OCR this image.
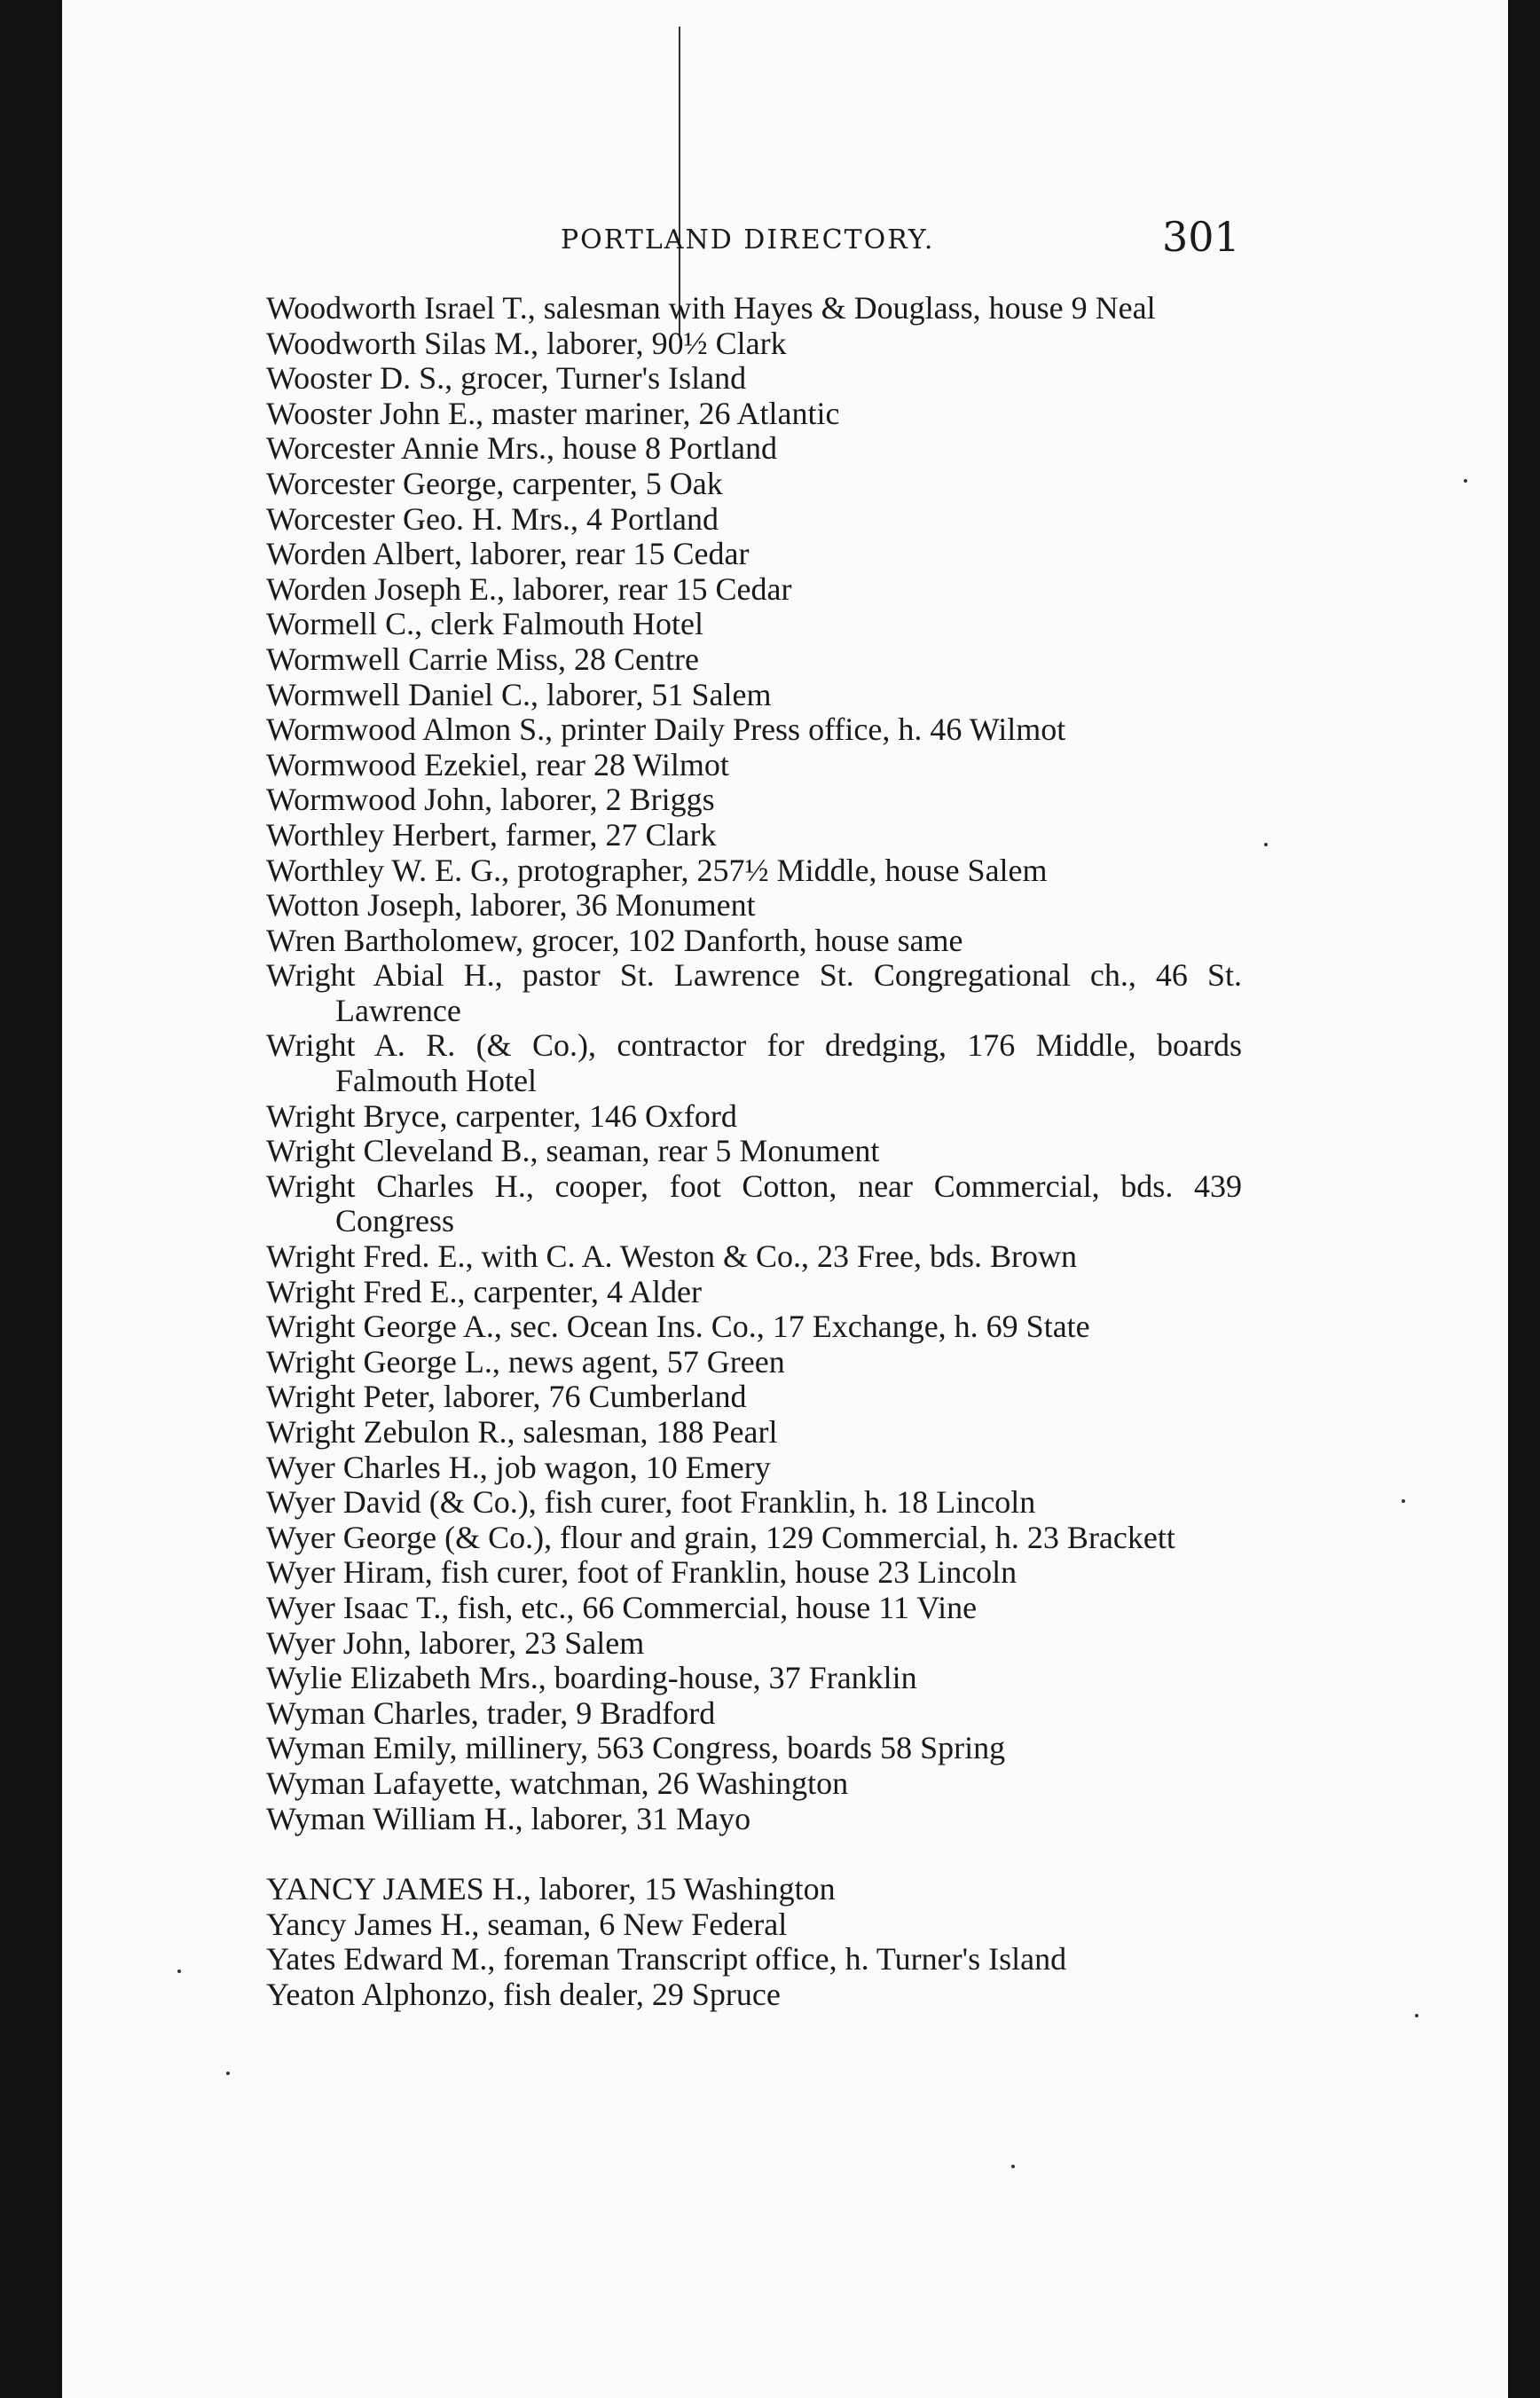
PORTLAND DIRECTORY.	301
Woodworth Israel T., salesman with Hayes & Douglass, house 9 Neal
Woodworth Silas M., laborer, 90½ Clark
Wooster D. S., grocer, Turner's Island
Wooster John E., master mariner, 26 Atlantic
Worcester Annie Mrs., house 8 Portland
Worcester George, carpenter, 5 Oak
Worcester Geo. H. Mrs., 4 Portland
Worden Albert, laborer, rear 15 Cedar
Worden Joseph E., laborer, rear 15 Cedar
Wormell C., clerk Falmouth Hotel
Wormwell Carrie Miss, 28 Centre
Wormwell Daniel C., laborer, 51 Salem
Wormwood Almon S., printer Daily Press office, h. 46 Wilmot
Wormwood Ezekiel, rear 28 Wilmot
Wormwood John, laborer, 2 Briggs
Worthley Herbert, farmer, 27 Clark
Worthley W. E. G., protographer, 257½ Middle, house Salem
Wotton Joseph, laborer, 36 Monument
Wren Bartholomew, grocer, 102 Danforth, house same
Wright Abial H., pastor St. Lawrence St. Congregational ch., 46 St. Lawrence
Wright A. R. (& Co.), contractor for dredging, 176 Middle, boards Falmouth Hotel
Wright Bryce, carpenter, 146 Oxford
Wright Cleveland B., seaman, rear 5 Monument
Wright Charles H., cooper, foot Cotton, near Commercial, bds. 439 Congress
Wright Fred. E., with C. A. Weston & Co., 23 Free, bds. Brown
Wright Fred E., carpenter, 4 Alder
Wright George A., sec. Ocean Ins. Co., 17 Exchange, h. 69 State
Wright George L., news agent, 57 Green
Wright Peter, laborer, 76 Cumberland
Wright Zebulon R., salesman, 188 Pearl
Wyer Charles H., job wagon, 10 Emery
Wyer David (& Co.), fish curer, foot Franklin, h. 18 Lincoln
Wyer George (& Co.), flour and grain, 129 Commercial, h. 23 Brackett
Wyer Hiram, fish curer, foot of Franklin, house 23 Lincoln
Wyer Isaac T., fish, etc., 66 Commercial, house 11 Vine
Wyer John, laborer, 23 Salem
Wylie Elizabeth Mrs., boarding-house, 37 Franklin
Wyman Charles, trader, 9 Bradford
Wyman Emily, millinery, 563 Congress, boards 58 Spring
Wyman Lafayette, watchman, 26 Washington
Wyman William H., laborer, 31 Mayo
YANCY JAMES H., laborer, 15 Washington
Yancy James H., seaman, 6 New Federal
Yates Edward M., foreman Transcript office, h. Turner's Island
Yeaton Alphonzo, fish dealer, 29 Spruce
